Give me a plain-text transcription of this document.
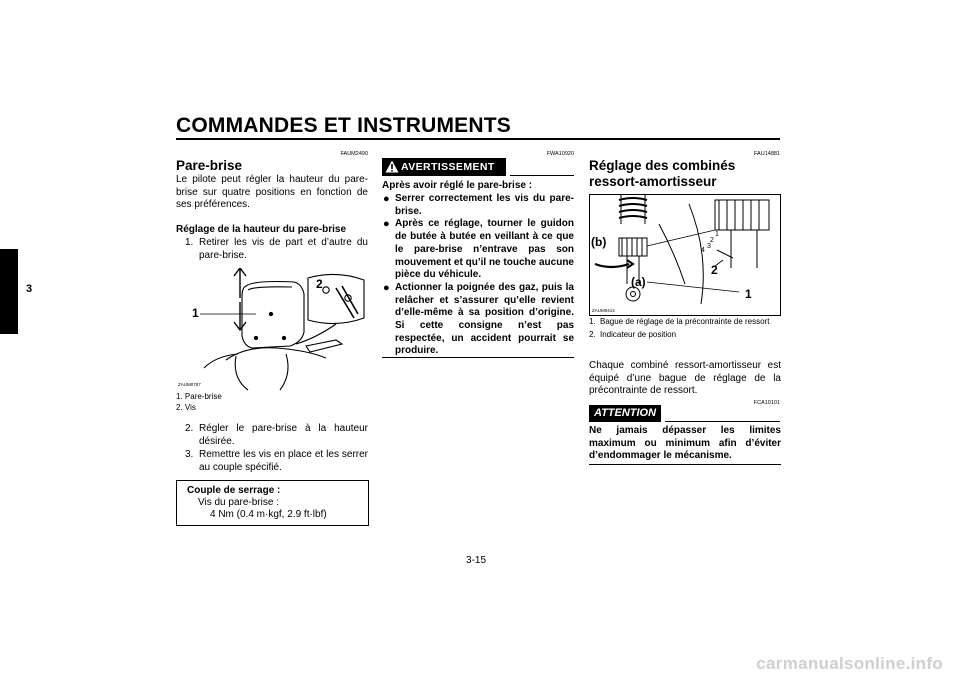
COMMANDES ET INSTRUMENTS
3
FAUM2490
Pare-brise
Le pilote peut régler la hauteur du pare-brise sur quatre positions en fonction de ses préférences.
Réglage de la hauteur du pare-brise
1. Retirer les vis de part et d’autre du pare-brise.
2
1
ZAUM0787
1. Pare-brise
2. Vis
2. Régler le pare-brise à la hauteur désirée.
3. Remettre les vis en place et les serrer au couple spécifié.
Couple de serrage :
Vis du pare-brise :
4 Nm (0.4 m·kgf, 2.9 ft·lbf)
FWA10920
AVERTISSEMENT
Après avoir réglé le pare-brise :
● Serrer correctement les vis du pare-brise.
● Après ce réglage, tourner le guidon de butée à butée en veillant à ce que le pare-brise n’entrave pas son mouvement et qu’il ne touche aucune pièce du véhicule.
● Actionner la poignée des gaz, puis la relâcher et s’assurer qu’elle revient d’elle-même à sa position d’origine. Si cette consigne n’est pas respectée, un accident pourrait se produire.
FAU14881
Réglage des combinés ressort-amortisseur
(b)
(a)
1
2
1
2
3
4
ZAUM0414
1. Bague de réglage de la précontrainte de ressort
2. Indicateur de position
Chaque combiné ressort-amortisseur est équipé d’une bague de réglage de la précontrainte de ressort.
ATTENTION
FCA10101
Ne jamais dépasser les limites maximum ou minimum afin d’éviter d’endommager le mécanisme.
3-15
carmanualsonline.info
